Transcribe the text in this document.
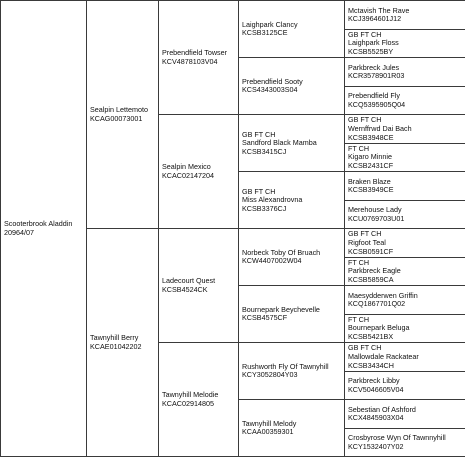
Scooterbrook Aladdin
20964/07
Sealpin Lettemoto
KCAG00073001
Prebendfield Towser
KCV4878103V04
Laighpark Clancy
KCSB3125CE
Mctavish The Rave
KCJ3964601J12
GB FT CH
Laighpark Floss
KCSB5525BY
Prebendfield Sooty
KCS4343003S04
Parkbreck Jules
KCR3578901R03
Prebendfield Fly
KCQ5395905Q04
Sealpin Mexico
KCAC02147204
GB FT CH
Sandford Black Mamba
KCSB3415CJ
GB FT CH
Wernffrwd Dai Bach
KCSB3948CE
FT CH
Kigaro Minnie
KCSB2431CF
GB FT CH
Miss Alexandrovna
KCSB3376CJ
Braken Blaze
KCSB3949CE
Merehouse Lady
KCU0769703U01
Tawnyhill Berry
KCAE01042202
Ladecourt Quest
KCSB4524CK
Norbeck Toby Of Bruach
KCW4407002W04
GB FT CH
Rigfoot Teal
KCSB0591CF
FT CH
Parkbreck Eagle
KCSB5859CA
Bournepark Beychevelle
KCSB4575CF
Maesydderwen Griffin
KCQ1867701Q02
FT CH
Bournepark Beluga
KCSB5421BX
Tawnyhill Melodie
KCAC02914805
Rushworth Fly Of Tawnyhill
KCY3052804Y03
GB FT CH
Mallowdale Rackatear
KCSB3434CH
Parkbreck Libby
KCV5046605V04
Tawnyhill Melody
KCAA00359301
Sebestian Of Ashford
KCX4845903X04
Crosbyrose Wyn Of Tawnnyhill
KCY1532407Y02
